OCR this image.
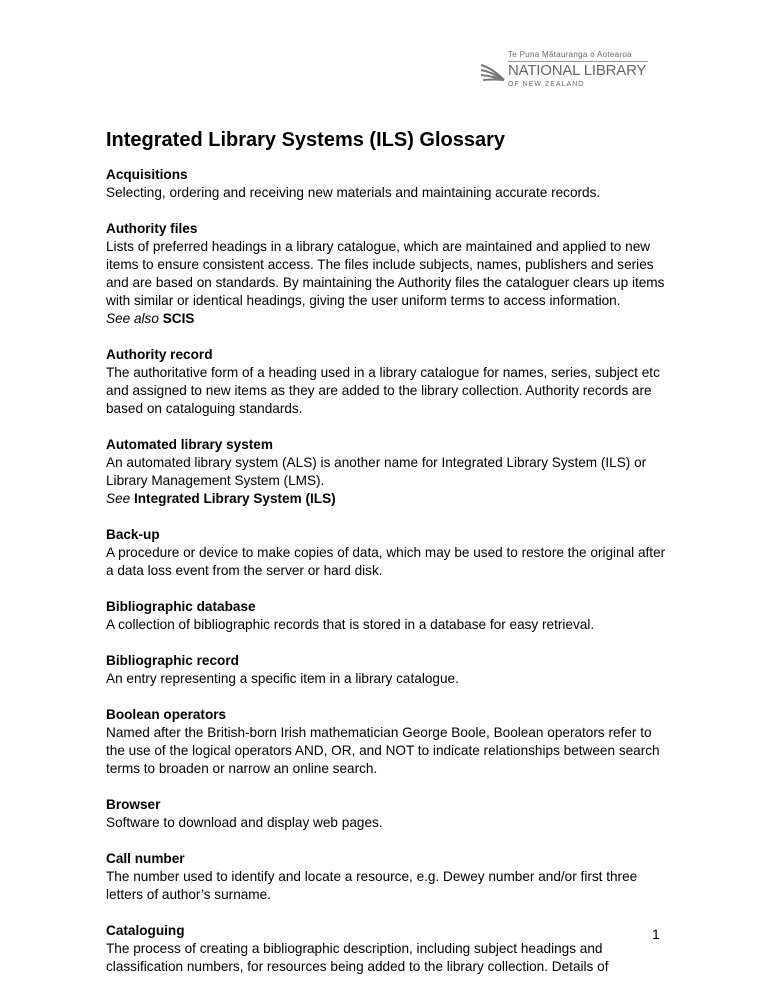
Te Puna Mātauranga o Aotearoa
NATIONAL LIBRARY
OF NEW ZEALAND
Integrated Library Systems (ILS) Glossary
Acquisitions
Selecting, ordering and receiving new materials and maintaining accurate records.
Authority files
Lists of preferred headings in a library catalogue, which are maintained and applied to new items to ensure consistent access. The files include subjects, names, publishers and series and are based on standards. By maintaining the Authority files the cataloguer clears up items with similar or identical headings, giving the user uniform terms to access information.
See also SCIS
Authority record
The authoritative form of a heading used in a library catalogue for names, series, subject etc and assigned to new items as they are added to the library collection. Authority records are based on cataloguing standards.
Automated library system
An automated library system (ALS) is another name for Integrated Library System (ILS) or Library Management System (LMS).
See Integrated Library System (ILS)
Back-up
A procedure or device to make copies of data, which may be used to restore the original after a data loss event from the server or hard disk.
Bibliographic database
A collection of bibliographic records that is stored in a database for easy retrieval.
Bibliographic record
An entry representing a specific item in a library catalogue.
Boolean operators
Named after the British-born Irish mathematician George Boole, Boolean operators refer to the use of the logical operators AND, OR, and NOT to indicate relationships between search terms to broaden or narrow an online search.
Browser
Software to download and display web pages.
Call number
The number used to identify and locate a resource, e.g. Dewey number and/or first three letters of author’s surname.
Cataloguing
The process of creating a bibliographic description, including subject headings and classification numbers, for resources being added to the library collection. Details of
1
